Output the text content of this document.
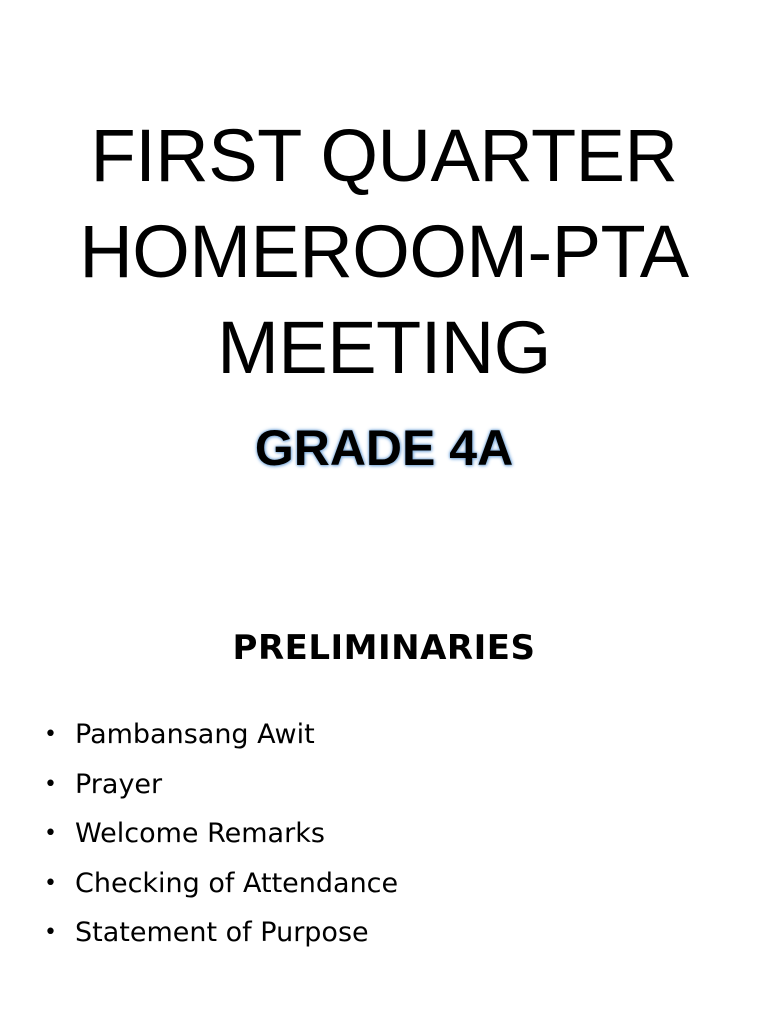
FIRST QUARTER
HOMEROOM-PTA
MEETING
GRADE 4A
PRELIMINARIES
• Pambansang Awit
• Prayer
• Welcome Remarks
• Checking of Attendance
• Statement of Purpose
